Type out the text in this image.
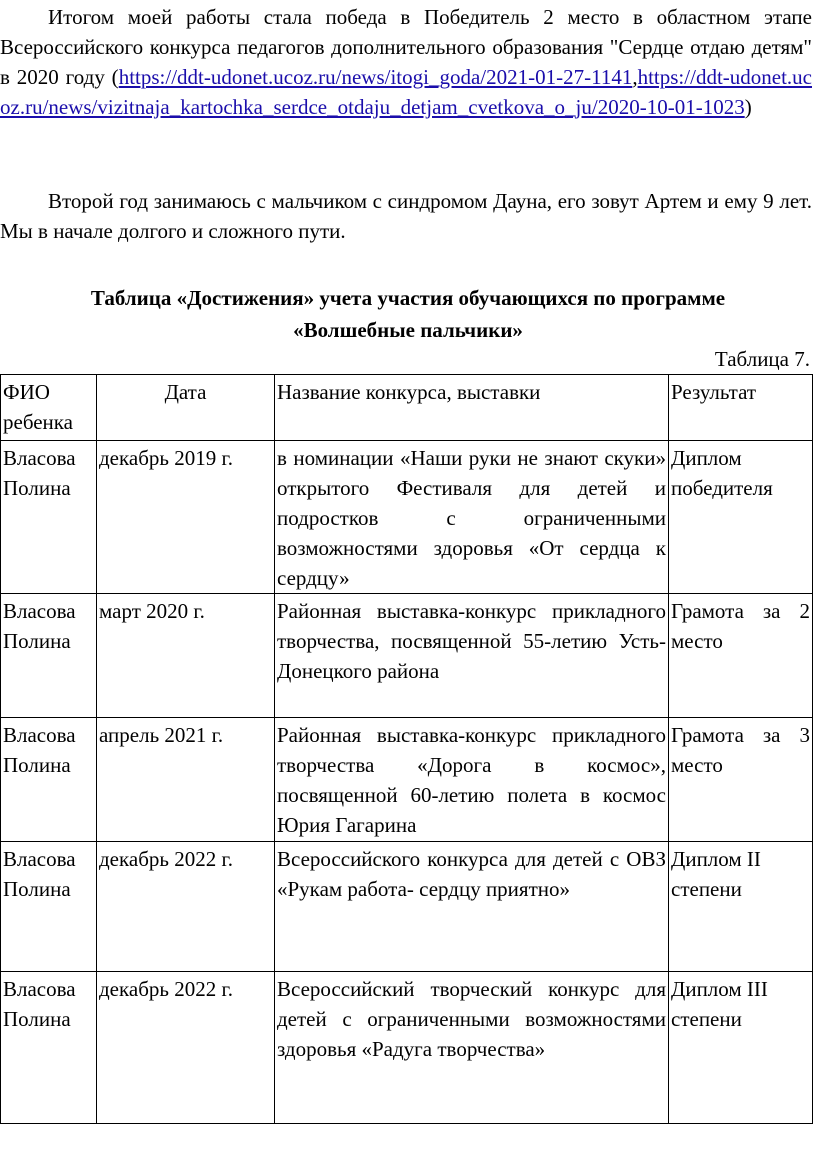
Итогом моей работы стала победа в Победитель 2 место в областном этапе Всероссийского конкурса педагогов дополнительного образования "Сердце отдаю детям" в 2020 году (https://ddt-udonet.ucoz.ru/news/itogi_goda/2021-01-27-1141,https://ddt-udonet.ucoz.ru/news/vizitnaja_kartochka_serdce_otdaju_detjam_cvetkova_o_ju/2020-10-01-1023)

Второй год занимаюсь с мальчиком с синдромом Дауна, его зовут Артем и ему 9 лет. Мы в начале долгого и сложного пути.

Таблица «Достижения» учета участия обучающихся по программе
«Волшебные пальчики»
Таблица 7.
ФИО ребенка	Дата	Название конкурса, выставки	Результат
Власова Полина	декабрь 2019 г.	в номинации «Наши руки не знают скуки» открытого Фестиваля для детей и подростков с ограниченными возможностями здоровья «От сердца к сердцу»	Диплом победителя
Власова Полина	март 2020 г.	Районная выставка-конкурс прикладного творчества, посвященной 55-летию Усть-Донецкого района	Грамота за 2 место
Власова Полина	апрель 2021 г.	Районная выставка-конкурс прикладного творчества «Дорога в космос», посвященной 60-летию полета в космос Юрия Гагарина	Грамота за 3 место
Власова Полина	декабрь 2022 г.	Всероссийского конкурса для детей с ОВЗ «Рукам работа- сердцу приятно»	Диплом II степени
Власова Полина	декабрь 2022 г.	Всероссийский творческий конкурс для детей с ограниченными возможностями здоровья «Радуга творчества»	Диплом III степени
